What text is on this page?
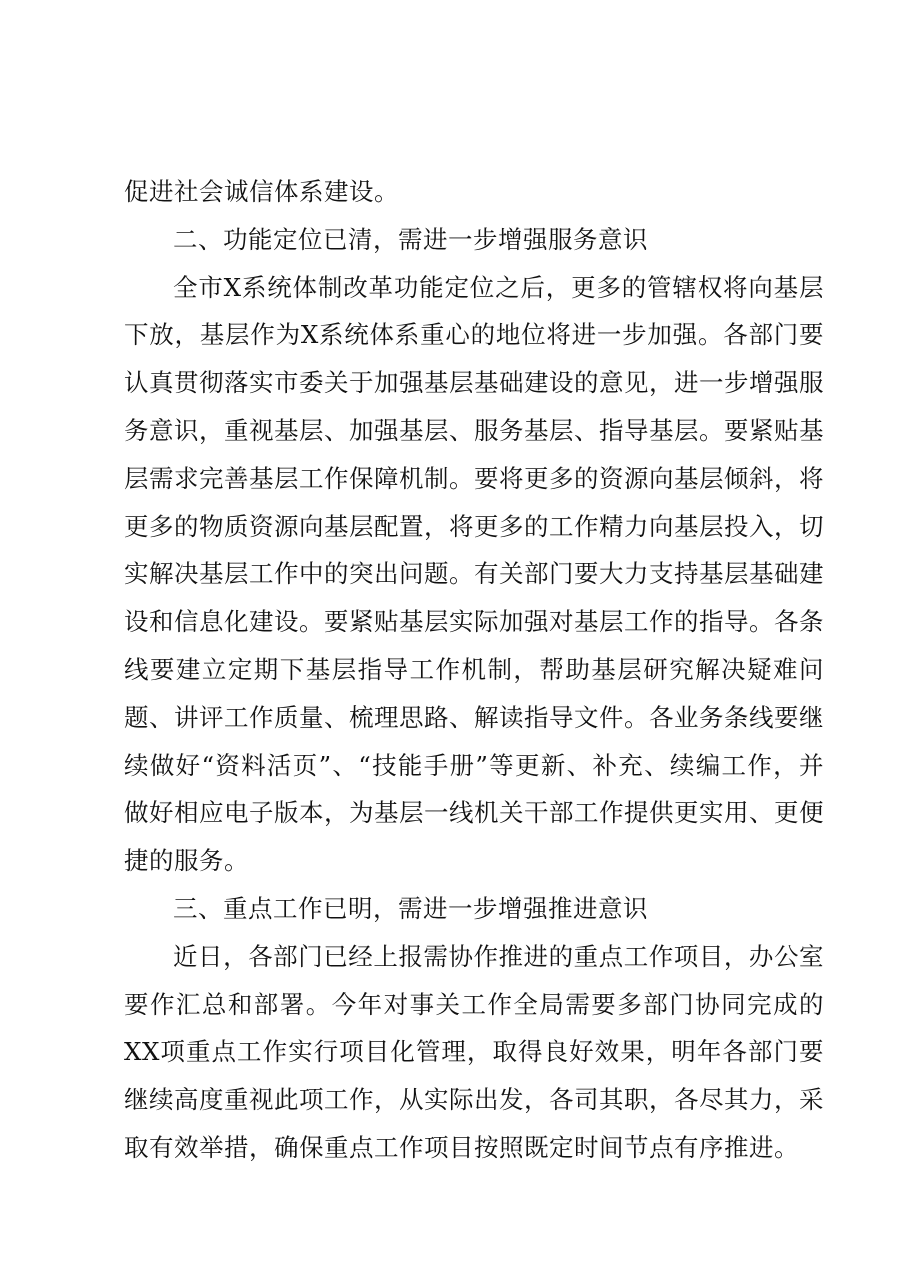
促进社会诚信体系建设。

二、功能定位已清，需进一步增强服务意识

全市X系统体制改革功能定位之后，更多的管辖权将向基层下放，基层作为X系统体系重心的地位将进一步加强。各部门要认真贯彻落实市委关于加强基层基础建设的意见，进一步增强服务意识，重视基层、加强基层、服务基层、指导基层。要紧贴基层需求完善基层工作保障机制。要将更多的资源向基层倾斜，将更多的物质资源向基层配置，将更多的工作精力向基层投入，切实解决基层工作中的突出问题。有关部门要大力支持基层基础建设和信息化建设。要紧贴基层实际加强对基层工作的指导。各条线要建立定期下基层指导工作机制，帮助基层研究解决疑难问题、讲评工作质量、梳理思路、解读指导文件。各业务条线要继续做好“资料活页”、“技能手册”等更新、补充、续编工作，并做好相应电子版本，为基层一线机关干部工作提供更实用、更便捷的服务。

三、重点工作已明，需进一步增强推进意识

近日，各部门已经上报需协作推进的重点工作项目，办公室要作汇总和部署。今年对事关工作全局需要多部门协同完成的XX项重点工作实行项目化管理，取得良好效果，明年各部门要继续高度重视此项工作，从实际出发，各司其职，各尽其力，采取有效举措，确保重点工作项目按照既定时间节点有序推进。
